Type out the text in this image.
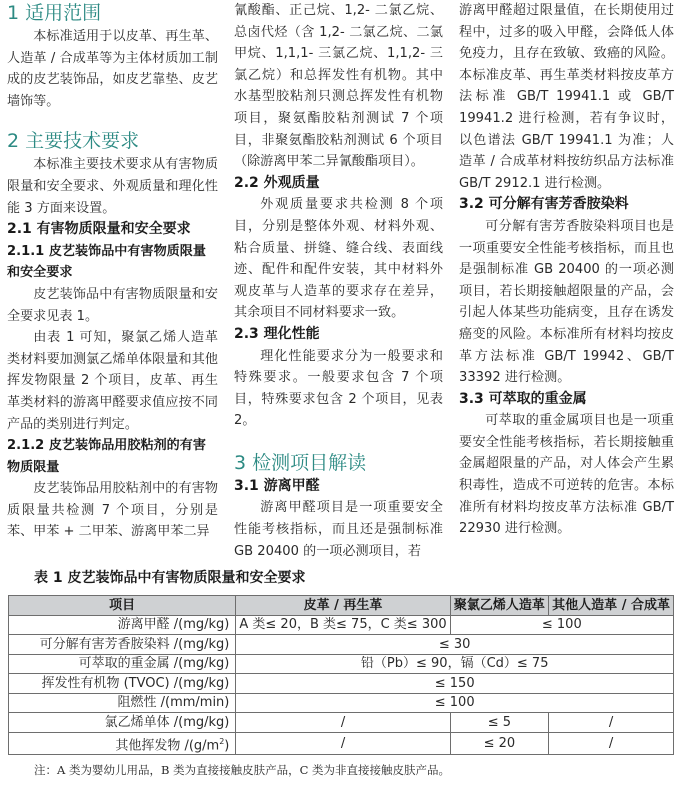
1 适用范围

本标准适用于以皮革、再生革、人造革 / 合成革等为主体材质加工制成的皮艺装饰品，如皮艺靠垫、皮艺墙饰等。

2 主要技术要求

本标准主要技术要求从有害物质限量和安全要求、外观质量和理化性能 3 方面来设置。

2.1 有害物质限量和安全要求
2.1.1 皮艺装饰品中有害物质限量和安全要求

皮艺装饰品中有害物质限量和安全要求见表 1。

由表 1 可知，聚氯乙烯人造革类材料要加测氯乙烯单体限量和其他挥发物限量 2 个项目，皮革、再生革类材料的游离甲醛要求值应按不同产品的类别进行判定。

2.1.2 皮艺装饰品用胶粘剂的有害物质限量

皮艺装饰品用胶粘剂中的有害物质限量共检测 7 个项目，分别是苯、甲苯 + 二甲苯、游离甲苯二异

氰酸酯、正己烷、1,2- 二氯乙烷、总卤代烃（含 1,2- 二氯乙烷、二氯甲烷、1,1,1- 三氯乙烷、1,1,2- 三氯乙烷）和总挥发性有机物。其中水基型胶粘剂只测总挥发性有机物项目，聚氨酯胶粘剂测试 7 个项目，非聚氨酯胶粘剂测试 6 个项目（除游离甲苯二异氰酸酯项目）。

2.2 外观质量

外观质量要求共检测 8 个项目，分别是整体外观、材料外观、粘合质量、拼缝、缝合线、表面线迹、配件和配件安装，其中材料外观皮革与人造革的要求存在差异，其余项目不同材料要求一致。

2.3 理化性能

理化性能要求分为一般要求和特殊要求。一般要求包含 7 个项目，特殊要求包含 2 个项目，见表 2。

3 检测项目解读
3.1 游离甲醛

游离甲醛项目是一项重要安全性能考核指标，而且还是强制标准 GB 20400 的一项必测项目，若

游离甲醛超过限量值，在长期使用过程中，过多的吸入甲醛，会降低人体免疫力，且存在致敏、致癌的风险。本标准皮革、再生革类材料按皮革方法标准 GB/T 19941.1 或 GB/T 19941.2 进行检测，若有争议时，以色谱法 GB/T 19941.1 为准；人造革 / 合成革材料按纺织品方法标准 GB/T 2912.1 进行检测。

3.2 可分解有害芳香胺染料

可分解有害芳香胺染料项目也是一项重要安全性能考核指标，而且也是强制标准 GB 20400 的一项必测项目，若长期接触超限量的产品，会引起人体某些功能病变，且存在诱发癌变的风险。本标准所有材料均按皮革方法标准 GB/T 19942、GB/T 33392 进行检测。

3.3 可萃取的重金属

可萃取的重金属项目也是一项重要安全性能考核指标，若长期接触重金属超限量的产品，对人体会产生累积毒性，造成不可逆转的危害。本标准所有材料均按皮革方法标准 GB/T 22930 进行检测。

表 1 皮艺装饰品中有害物质限量和安全要求
项目	皮革 / 再生革	聚氯乙烯人造革	其他人造革 / 合成革
游离甲醛 /(mg/kg)	A 类≤ 20，B 类≤ 75，C 类≤ 300	≤ 100	
可分解有害芳香胺染料 /(mg/kg)	≤ 30		
可萃取的重金属 /(mg/kg)	铅（Pb）≤ 90，镉（Cd）≤ 75		
挥发性有机物 (TVOC) /(mg/kg)	≤ 150		
阻燃性 /(mm/min)	≤ 100		
氯乙烯单体 /(mg/kg)	/	≤ 5	/
其他挥发物 $/(g/m^2)$	/	≤ 20	/
注：A 类为婴幼儿用品，B 类为直接接触皮肤产品，C 类为非直接接触皮肤产品。
